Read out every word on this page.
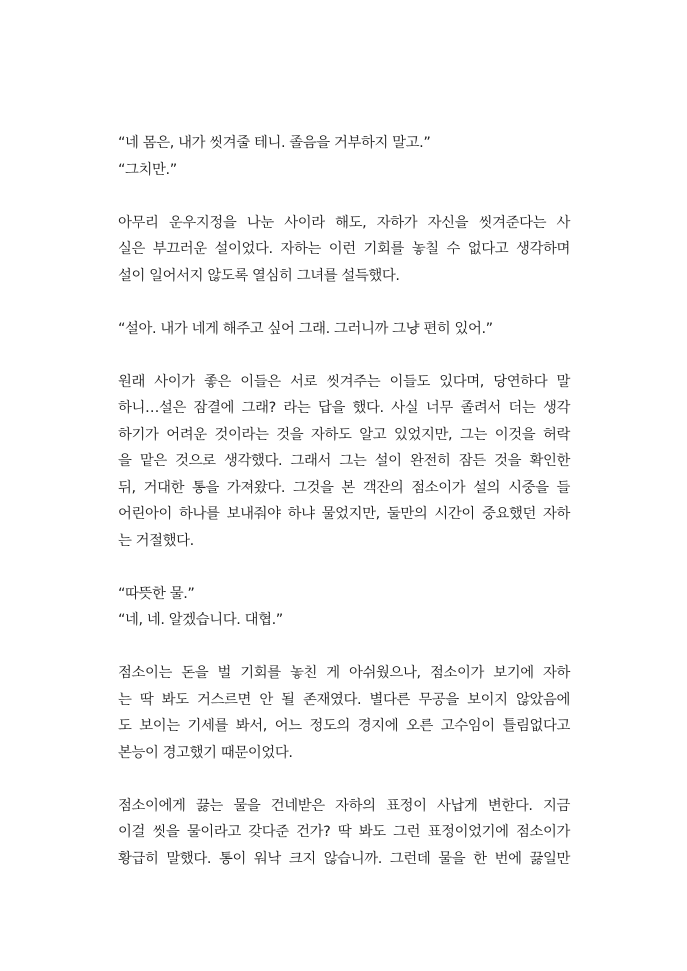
“네 몸은, 내가 씻겨줄 테니. 졸음을 거부하지 말고.”
“그치만.”
아무리 운우지정을 나눈 사이라 해도, 자하가 자신을 씻겨준다는 사
실은 부끄러운 설이었다. 자하는 이런 기회를 놓칠 수 없다고 생각하며
설이 일어서지 않도록 열심히 그녀를 설득했다.
“설아. 내가 네게 해주고 싶어 그래. 그러니까 그냥 편히 있어.”
원래 사이가 좋은 이들은 서로 씻겨주는 이들도 있다며, 당연하다 말
하니…설은 잠결에 그래? 라는 답을 했다. 사실 너무 졸려서 더는 생각
하기가 어려운 것이라는 것을 자하도 알고 있었지만, 그는 이것을 허락
을 맡은 것으로 생각했다. 그래서 그는 설이 완전히 잠든 것을 확인한
뒤, 거대한 통을 가져왔다. 그것을 본 객잔의 점소이가 설의 시중을 들
어린아이 하나를 보내줘야 하냐 물었지만, 둘만의 시간이 중요했던 자하
는 거절했다.
“따뜻한 물.”
“네, 네. 알겠습니다. 대협.”
점소이는 돈을 벌 기회를 놓친 게 아쉬웠으나, 점소이가 보기에 자하
는 딱 봐도 거스르면 안 될 존재였다. 별다른 무공을 보이지 않았음에
도 보이는 기세를 봐서, 어느 정도의 경지에 오른 고수임이 틀림없다고
본능이 경고했기 때문이었다.
점소이에게 끓는 물을 건네받은 자하의 표정이 사납게 변한다. 지금
이걸 씻을 물이라고 갖다준 건가? 딱 봐도 그런 표정이었기에 점소이가
황급히 말했다. 통이 워낙 크지 않습니까. 그런데 물을 한 번에 끓일만
